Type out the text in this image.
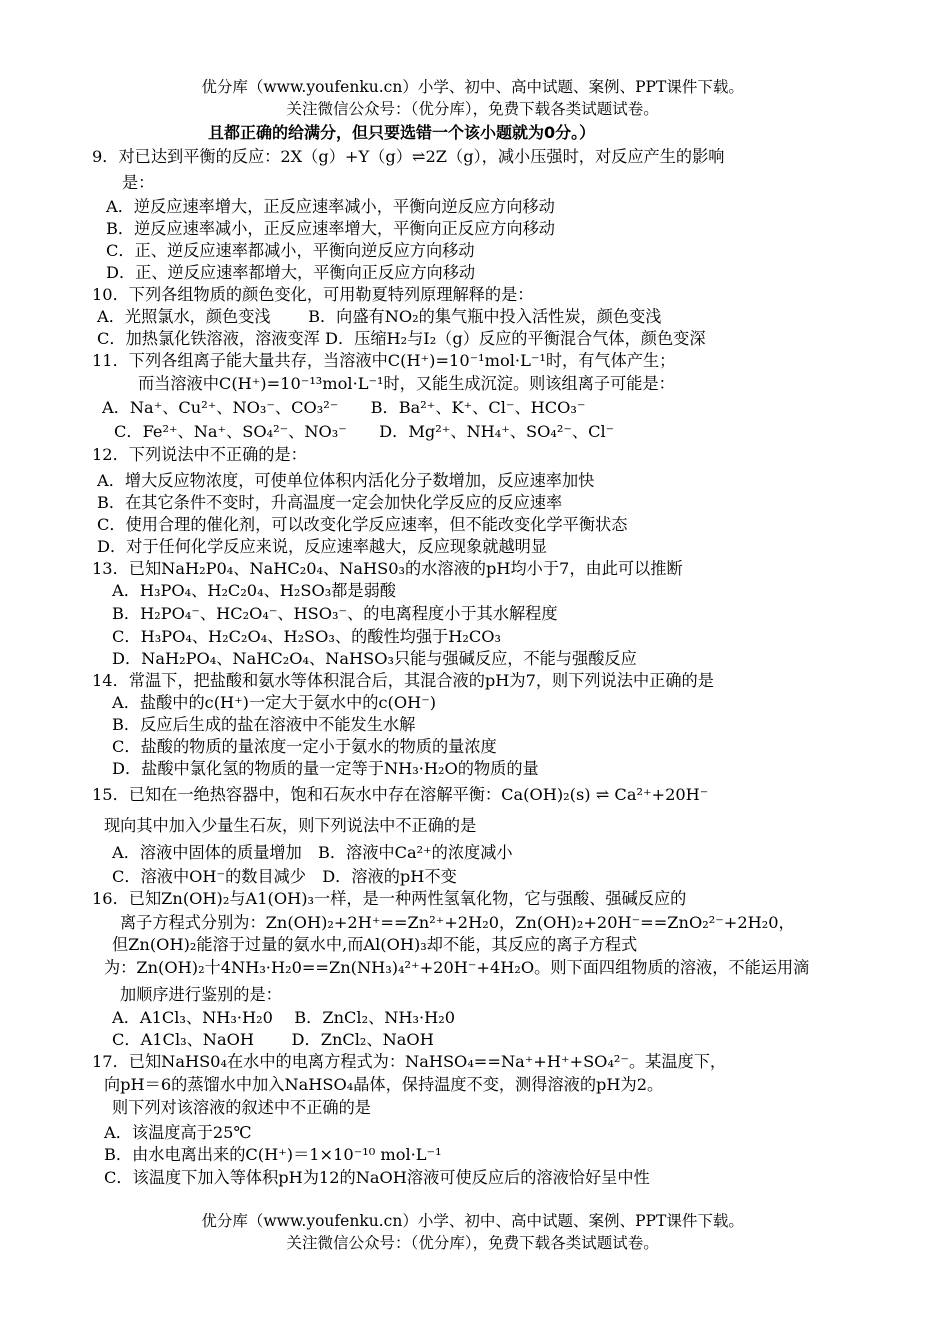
优分库（www.youfenku.cn）小学、初中、高中试题、案例、PPT课件下载。
关注微信公众号：（优分库），免费下载各类试题试卷。
且都正确的给满分，但只要选错一个该小题就为0分。）
9．对已达到平衡的反应：2X（g）+Y（g）⇌2Z（g），减小压强时，对反应产生的影响
是：
A．逆反应速率增大，正反应速率减小，平衡向逆反应方向移动
B．逆反应速率减小，正反应速率增大，平衡向正反应方向移动
C．正、逆反应速率都减小，平衡向逆反应方向移动
D．正、逆反应速率都增大，平衡向正反应方向移动
10．下列各组物质的颜色变化，可用勒夏特列原理解释的是：
A．光照氯水，颜色变浅　　 B．向盛有NO₂的集气瓶中投入活性炭，颜色变浅
C．加热氯化铁溶液，溶液变浑 D．压缩H₂与I₂（g）反应的平衡混合气体，颜色变深
11．下列各组离子能大量共存，当溶液中C(H⁺)=10⁻¹mol·L⁻¹时，有气体产生；
而当溶液中C(H⁺)=10⁻¹³mol·L⁻¹时，又能生成沉淀。则该组离子可能是：
A．Na⁺、Cu²⁺、NO₃⁻、CO₃²⁻　　B．Ba²⁺、K⁺、Cl⁻、HCO₃⁻
C．Fe²⁺、Na⁺、SO₄²⁻、NO₃⁻　　D．Mg²⁺、NH₄⁺、SO₄²⁻、Cl⁻
12．下列说法中不正确的是：
A．增大反应物浓度，可使单位体积内活化分子数增加，反应速率加快
B．在其它条件不变时，升高温度一定会加快化学反应的反应速率
C．使用合理的催化剂，可以改变化学反应速率，但不能改变化学平衡状态
D．对于任何化学反应来说，反应速率越大，反应现象就越明显
13．已知NaH₂P0₄、NaHC₂0₄、NaHS0₃的水溶液的pH均小于7，由此可以推断
A．H₃PO₄、H₂C₂0₄、H₂SO₃都是弱酸
B．H₂PO₄⁻、HC₂O₄⁻、HSO₃⁻、的电离程度小于其水解程度
C．H₃PO₄、H₂C₂O₄、H₂SO₃、的酸性均强于H₂CO₃
D．NaH₂PO₄、NaHC₂O₄、NaHSO₃只能与强碱反应，不能与强酸反应
14．常温下，把盐酸和氨水等体积混合后，其混合液的pH为7，则下列说法中正确的是
A．盐酸中的c(H⁺)一定大于氨水中的c(OH⁻)
B．反应后生成的盐在溶液中不能发生水解
C．盐酸的物质的量浓度一定小于氨水的物质的量浓度
D．盐酸中氯化氢的物质的量一定等于NH₃·H₂O的物质的量
15．已知在一绝热容器中，饱和石灰水中存在溶解平衡：Ca(OH)₂(s) ⇌ Ca²⁺+20H⁻
现向其中加入少量生石灰，则下列说法中不正确的是
A．溶液中固体的质量增加　B．溶液中Ca²⁺的浓度减小
C．溶液中OH⁻的数目减少　D．溶液的pH不变
16．已知Zn(OH)₂与A1(OH)₃一样，是一种两性氢氧化物，它与强酸、强碱反应的
离子方程式分别为：Zn(OH)₂+2H⁺==Zn²⁺+2H₂0，Zn(OH)₂+20H⁻==ZnO₂²⁻+2H₂0，
但Zn(OH)₂能溶于过量的氨水中,而Al(OH)₃却不能，其反应的离子方程式
为：Zn(OH)₂十4NH₃·H₂0==Zn(NH₃)₄²⁺+20H⁻+4H₂O。则下面四组物质的溶液，不能运用滴
加顺序进行鉴别的是：
A．A1Cl₃、NH₃·H₂0　 B．ZnCl₂、NH₃·H₂0
C．A1Cl₃、NaOH　　 D．ZnCl₂、NaOH
17．已知NaHS0₄在水中的电离方程式为：NaHSO₄==Na⁺+H⁺+SO₄²⁻。某温度下，
向pH＝6的蒸馏水中加入NaHSO₄晶体，保持温度不变，测得溶液的pH为2。
则下列对该溶液的叙述中不正确的是
A．该温度高于25℃
B．由水电离出来的C(H⁺)＝1×10⁻¹⁰ mol·L⁻¹
C．该温度下加入等体积pH为12的NaOH溶液可使反应后的溶液恰好呈中性
优分库（www.youfenku.cn）小学、初中、高中试题、案例、PPT课件下载。
关注微信公众号：（优分库），免费下载各类试题试卷。
